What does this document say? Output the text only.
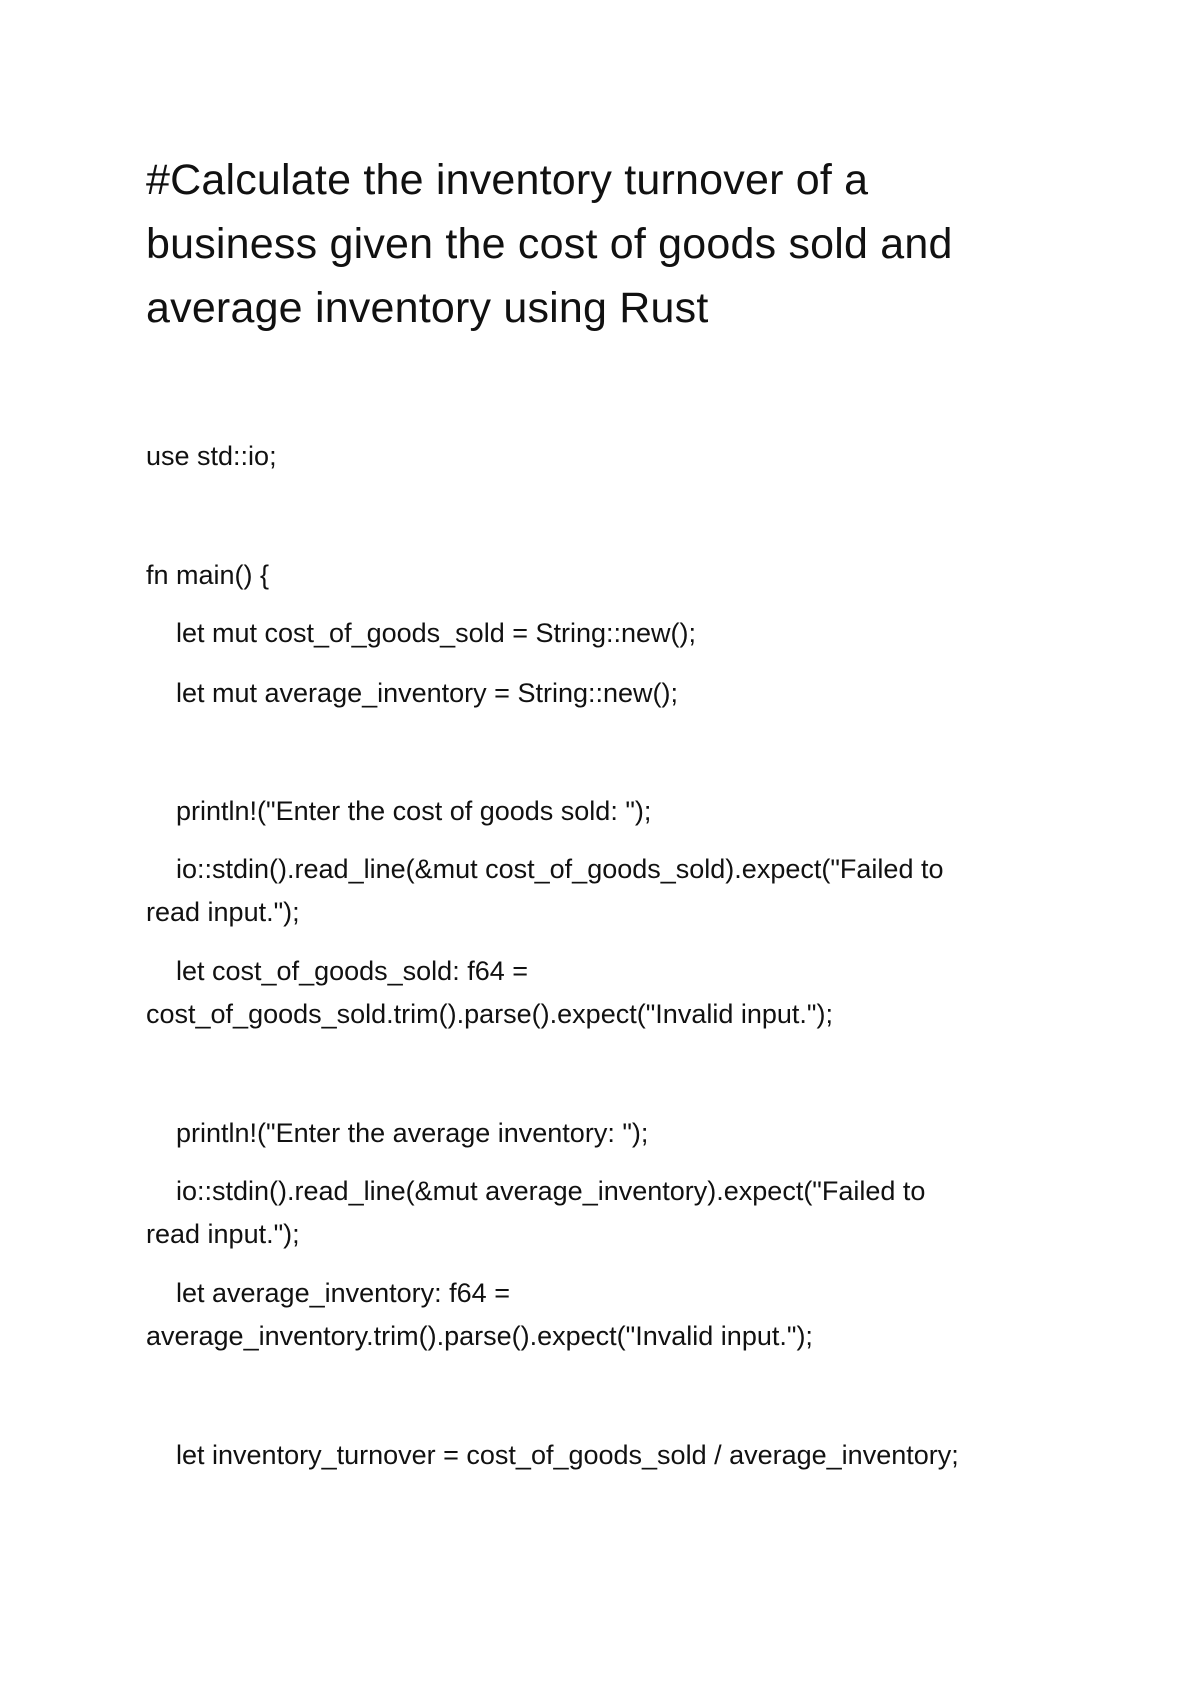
#Calculate the inventory turnover of a
business given the cost of goods sold and
average inventory using Rust

use std::io;

fn main() {

let mut cost_of_goods_sold = String::new();

let mut average_inventory = String::new();

println!("Enter the cost of goods sold: ");

io::stdin().read_line(&mut cost_of_goods_sold).expect("Failed to

read input.");

let cost_of_goods_sold: f64 =

cost_of_goods_sold.trim().parse().expect("Invalid input.");

println!("Enter the average inventory: ");

io::stdin().read_line(&mut average_inventory).expect("Failed to

read input.");

let average_inventory: f64 =

average_inventory.trim().parse().expect("Invalid input.");

let inventory_turnover = cost_of_goods_sold / average_inventory;
